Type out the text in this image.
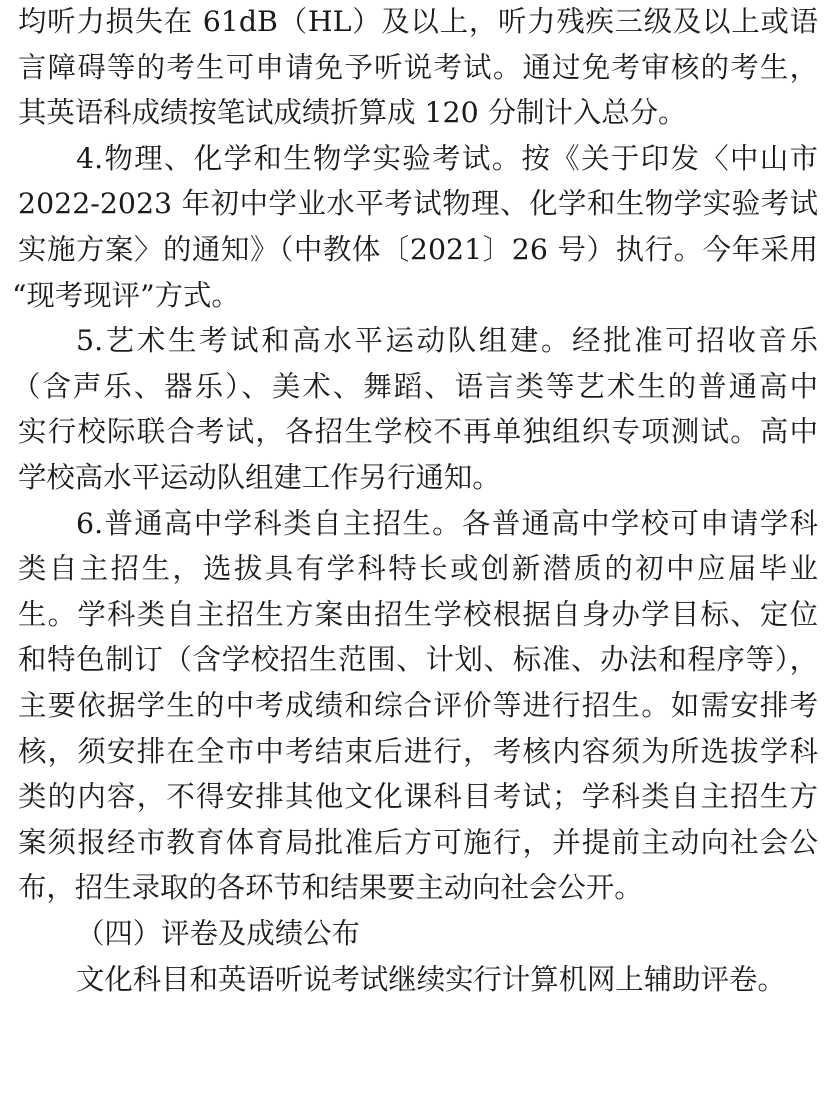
均听力损失在 61dB（HL）及以上，听力残疾三级及以上或语
言障碍等的考生可申请免予听说考试。通过免考审核的考生，
其英语科成绩按笔试成绩折算成 120 分制计入总分。
4.物理、化学和生物学实验考试。按《关于印发〈中山市
2022-2023 年初中学业水平考试物理、化学和生物学实验考试
实施方案〉的通知》（中教体〔2021〕26 号）执行。今年采用
“现考现评”方式。
5.艺术生考试和高水平运动队组建。经批准可招收音乐
（含声乐、器乐）、美术、舞蹈、语言类等艺术生的普通高中
实行校际联合考试，各招生学校不再单独组织专项测试。高中
学校高水平运动队组建工作另行通知。
6.普通高中学科类自主招生。各普通高中学校可申请学科
类自主招生，选拔具有学科特长或创新潜质的初中应届毕业
生。学科类自主招生方案由招生学校根据自身办学目标、定位
和特色制订（含学校招生范围、计划、标准、办法和程序等），
主要依据学生的中考成绩和综合评价等进行招生。如需安排考
核，须安排在全市中考结束后进行，考核内容须为所选拔学科
类的内容，不得安排其他文化课科目考试；学科类自主招生方
案须报经市教育体育局批准后方可施行，并提前主动向社会公
布，招生录取的各环节和结果要主动向社会公开。
（四）评卷及成绩公布
文化科目和英语听说考试继续实行计算机网上辅助评卷。
